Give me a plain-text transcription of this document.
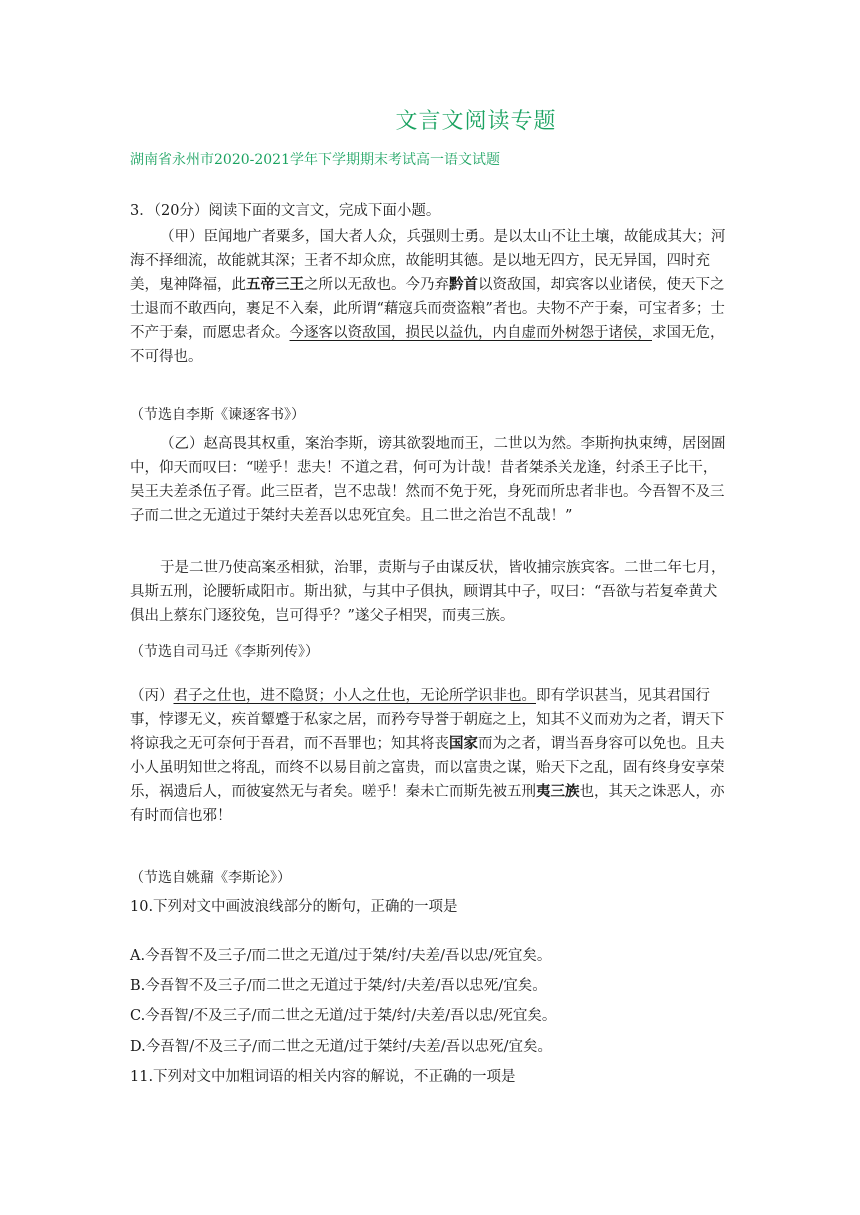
文言文阅读专题
湖南省永州市2020-2021学年下学期期末考试高一语文试题
3．（20分）阅读下面的文言文，完成下面小题。

（甲）臣闻地广者粟多，国大者人众，兵强则士勇。是以太山不让土壤，故能成其大；河海不择细流，故能就其深；王者不却众庶，故能明其德。是以地无四方，民无异国，四时充美，鬼神降福，此五帝三王之所以无敌也。今乃弃黔首以资敌国，却宾客以业诸侯，使天下之士退而不敢西向，裹足不入秦，此所谓“藉寇兵而赍盗粮”者也。夫物不产于秦，可宝者多；士不产于秦，而愿忠者众。今逐客以资敌国，损民以益仇，内自虚而外树怨于诸侯，求国无危，不可得也。

（节选自李斯《谏逐客书》）

（乙）赵高畏其权重，案治李斯，谤其欲裂地而王，二世以为然。李斯拘执束缚，居囹圄中，仰天而叹曰：“嗟乎！悲夫！不道之君，何可为计哉！昔者桀杀关龙逢，纣杀王子比干，吴王夫差杀伍子胥。此三臣者，岂不忠哉！然而不免于死，身死而所忠者非也。今吾智不及三子而二世之无道过于桀纣夫差吾以忠死宜矣。且二世之治岂不乱哉！”

于是二世乃使高案丞相狱，治罪，责斯与子由谋反状，皆收捕宗族宾客。二世二年七月，具斯五刑，论腰斩咸阳市。斯出狱，与其中子俱执，顾谓其中子，叹曰：“吾欲与若复牵黄犬俱出上蔡东门逐狡兔，岂可得乎？”遂父子相哭，而夷三族。

（节选自司马迁《李斯列传》）

（丙）君子之仕也，进不隐贤；小人之仕也，无论所学识非也。即有学识甚当，见其君国行事，悖谬无义，疾首颦蹙于私家之居，而矜夸导誉于朝庭之上，知其不义而劝为之者，谓天下将谅我之无可奈何于吾君，而不吾罪也；知其将丧国家而为之者，谓当吾身容可以免也。且夫小人虽明知世之将乱，而终不以易目前之富贵，而以富贵之谋，贻天下之乱，固有终身安享荣乐，祸遗后人，而彼宴然无与者矣。嗟乎！秦未亡而斯先被五刑夷三族也，其天之诛恶人，亦有时而信也邪！

（节选自姚鼐《李斯论》）
10.下列对文中画波浪线部分的断句，正确的一项是
A.今吾智不及三子/而二世之无道/过于桀/纣/夫差/吾以忠/死宜矣。
B.今吾智不及三子/而二世之无道过于桀/纣/夫差/吾以忠死/宜矣。
C.今吾智/不及三子/而二世之无道/过于桀/纣/夫差/吾以忠/死宜矣。
D.今吾智/不及三子/而二世之无道/过于桀纣/夫差/吾以忠死/宜矣。
11.下列对文中加粗词语的相关内容的解说，不正确的一项是
